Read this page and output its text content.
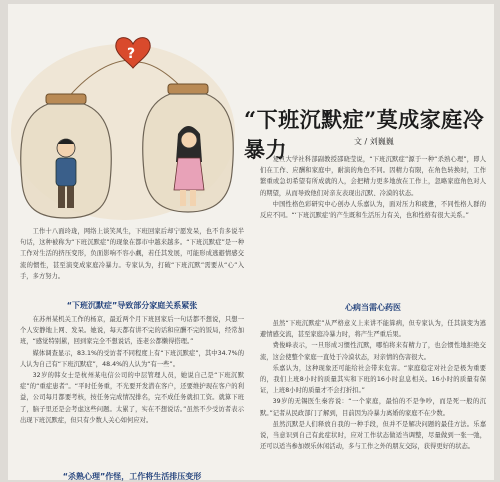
?
“下班沉默症”莫成家庭冷暴力	文 / 刘巍巍

复旦大学社科部副教授邵晓莹说，“下班沉默症”源于一种“杀熟心理”，即人们在工作、应酬和家庭中，耐演的角色不同。因精力有限，在角色转换时，工作繁重或急切希望有所成就的人，会把精力更多地放在工作上，忽略家庭角色对人的期望，从而导致他们对亲友表现出沉默、冷漠的状态。

中国性格色彩研究中心创办人乐嘉认为，面对压力和疲惫，不同性格人群的反应不同。“‘下班沉默症’的产生既和生活压力有关，也和性格有很大关系。”

工作十八面玲珑，网络上谈笑风生，下班回家后却宁愿发呆，也不肯多说半句话，这种被称为“下班沉默症”的现象在都市中越来越多。“下班沉默症”是一种工作对生活的挤压变形，负面影响不容小觑，若任其发展，可能形成逃避情感交流的惯性，甚至演变成家庭冷暴力。专家认为，打破“下班沉默”需要从“心”入手，多方努力。

“下班沉默症”导致部分家庭关系紧张

在苏州某机关工作的杨京，最近两个月下班回家后一句话都不想说，只想一个人安静地上网、发呆。她说，每天都有讲不完的话和应酬不完的饭局，经常加班，“感觉特别累，回到家完全不想说话，连老公都懒得搭理。”

媒体调查显示，83.1%的受访者不同程度上有“下班沉默症”，其中34.7%的人认为自己有“下班沉默症”，48.4%的人认为“有一些”。

32岁的韩女士是杭州某电信公司的中层管理人员，她说自己是“下班沉默症”的“重症患者”。“平时任务重，不光要开发潜在客户，还要维护现在客户的利益，公司每月都要考核，按任务完成情况排名，完不成任务就扣工资。就算下班了，脑子里还是会考虑这些问题。太累了，实在不想说话。”虽然不少受访者表示出现下班沉默症，但只有少数人关心如何应对。

“杀熟心理”作怪，工作将生活排压变形
心病当需心药医

虽然“下班沉默症”从严格意义上来讲不能算病，但专家认为，任其演变为逃避情感交流，甚至家庭冷暴力时，将产生严重后果。

费俊峰表示，一旦形成习惯性沉默，哪怕将来有精力了，也会惯性地拒绝交流，这会使整个家庭一直处于冷漠状态，对亲情的伤害很大。

乐嘉认为，这种现象还可能给社会带来危害。“家庭稳定对社会是极为重要的，我们上班8小时的质量其实和下班的16小时息息相关。16小时的质量有保证，上班8小时的质量才不会打折扣。”

39岁的无锡医生秦容说：“一个家庭，最怕的不是争吵，而是死一般的沉默。”记者从民政部门了解到，目前因为冷暴力离婚的家庭不在少数。

虽然沉默是人们释放自我的一种手段，但并不是解决问题的最佳方法。乐嘉说，当意识到自己有此症状时，应对工作状态做适当调整，尽量做到一张一弛，还可以适当参加娱乐休闲活动，多与工作之外的朋友交际，获得更好的状态。
